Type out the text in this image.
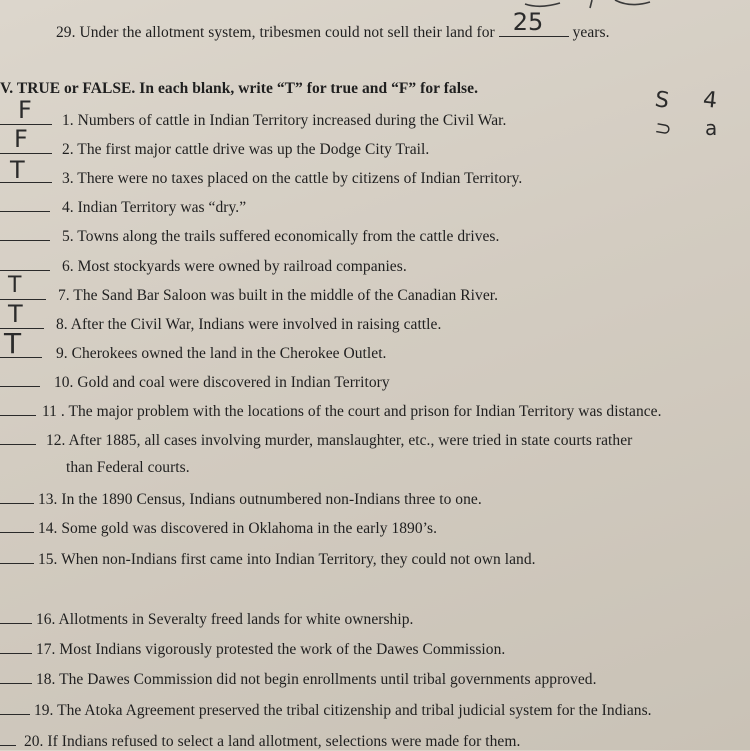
29. Under the allotment system, tribesmen could not sell their land for 25 years.
S 4
⊃ a
V. TRUE or FALSE. In each blank, write “T” for true and “F” for false.
F 1. Numbers of cattle in Indian Territory increased during the Civil War.
F 2. The first major cattle drive was up the Dodge City Trail.
T 3. There were no taxes placed on the cattle by citizens of Indian Territory.
4. Indian Territory was “dry.”
5. Towns along the trails suffered economically from the cattle drives.
6. Most stockyards were owned by railroad companies.
T 7. The Sand Bar Saloon was built in the middle of the Canadian River.
T 8. After the Civil War, Indians were involved in raising cattle.
T 9. Cherokees owned the land in the Cherokee Outlet.
10. Gold and coal were discovered in Indian Territory
11 . The major problem with the locations of the court and prison for Indian Territory was distance.
12. After 1885, all cases involving murder, manslaughter, etc., were tried in state courts rather
than Federal courts.
13. In the 1890 Census, Indians outnumbered non-Indians three to one.
14. Some gold was discovered in Oklahoma in the early 1890’s.
15. When non-Indians first came into Indian Territory, they could not own land.
16. Allotments in Severalty freed lands for white ownership.
17. Most Indians vigorously protested the work of the Dawes Commission.
18. The Dawes Commission did not begin enrollments until tribal governments approved.
19. The Atoka Agreement preserved the tribal citizenship and tribal judicial system for the Indians.
20. If Indians refused to select a land allotment, selections were made for them.
